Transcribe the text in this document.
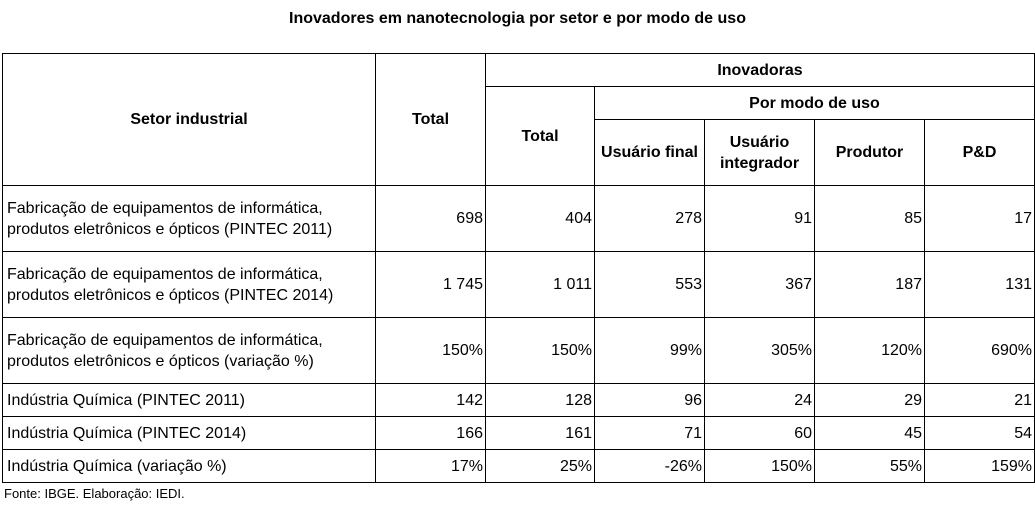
Inovadores em nanotecnologia por setor e por modo de uso
Setor industrial	Total	Inovadoras				
		Total	Por modo de uso			
			Usuário final	Usuário integrador	Produtor	P&D
Fabricação de equipamentos de informática, produtos eletrônicos e ópticos (PINTEC 2011)	698	404	278	91	85	17
Fabricação de equipamentos de informática, produtos eletrônicos e ópticos (PINTEC 2014)	1 745	1 011	553	367	187	131
Fabricação de equipamentos de informática, produtos eletrônicos e ópticos (variação %)	150%	150%	99%	305%	120%	690%
Indústria Química (PINTEC 2011)	142	128	96	24	29	21
Indústria Química (PINTEC 2014)	166	161	71	60	45	54
Indústria Química (variação %)	17%	25%	-26%	150%	55%	159%
Fonte: IBGE. Elaboração: IEDI.
